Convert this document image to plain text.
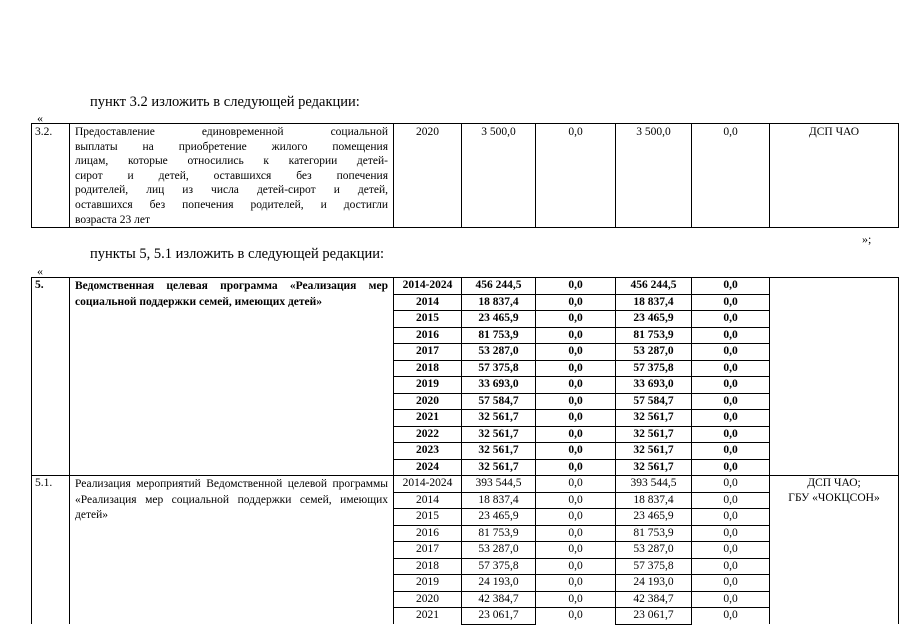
пункт 3.2 изложить в следующей редакции:
«
3.2.	Предоставление единовременной социальной
выплаты на приобретение жилого помещения
лицам, которые относились к категории детей-
сирот и детей, оставшихся без попечения
родителей, лиц из числа детей-сирот и детей,
оставшихся без попечения родителей, и достигли
возраста 23 лет
	2020	3 500,0	0,0	3 500,0	0,0	ДСП ЧАО
»;
пункты 5, 5.1 изложить в следующей редакции:
«
5.	Ведомственная целевая программа «Реализация мер социальной поддержки семей, имеющих детей»	2014-2024	456 244,5	0,0	456 244,5	0,0	
		2014	18 837,4	0,0	18 837,4	0,0	
		2015	23 465,9	0,0	23 465,9	0,0	
		2016	81 753,9	0,0	81 753,9	0,0	
		2017	53 287,0	0,0	53 287,0	0,0	
		2018	57 375,8	0,0	57 375,8	0,0	
		2019	33 693,0	0,0	33 693,0	0,0	
		2020	57 584,7	0,0	57 584,7	0,0	
		2021	32 561,7	0,0	32 561,7	0,0	
		2022	32 561,7	0,0	32 561,7	0,0	
		2023	32 561,7	0,0	32 561,7	0,0	
		2024	32 561,7	0,0	32 561,7	0,0	
5.1.	Реализация мероприятий Ведомственной целевой программы «Реализация мер социальной поддержки семей, имеющих детей»	2014-2024	393 544,5	0,0	393 544,5	0,0	ДСП ЧАО;
ГБУ «ЧОКЦСОН»

		2014	18 837,4	0,0	18 837,4	0,0	
		2015	23 465,9	0,0	23 465,9	0,0	
		2016	81 753,9	0,0	81 753,9	0,0	
		2017	53 287,0	0,0	53 287,0	0,0	
		2018	57 375,8	0,0	57 375,8	0,0	
		2019	24 193,0	0,0	24 193,0	0,0	
		2020	42 384,7	0,0	42 384,7	0,0	
		2021	23 061,7	0,0	23 061,7	0,0	
